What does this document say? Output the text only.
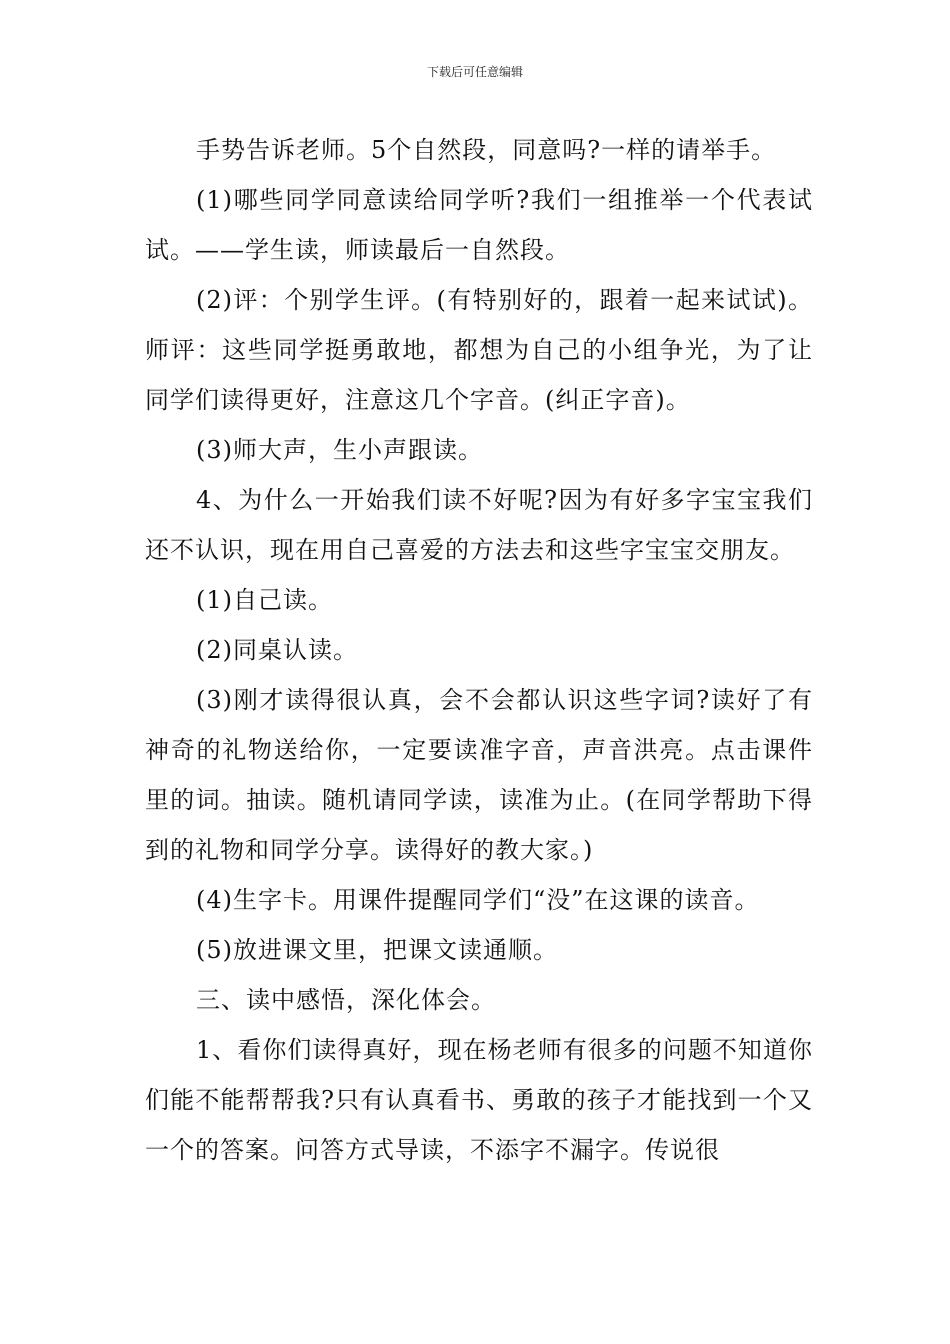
下载后可任意编辑

手势告诉老师。5个自然段，同意吗?一样的请举手。

(1)哪些同学同意读给同学听?我们一组推举一个代表试试。——学生读，师读最后一自然段。

(2)评：个别学生评。(有特别好的，跟着一起来试试)。师评：这些同学挺勇敢地，都想为自己的小组争光，为了让同学们读得更好，注意这几个字音。(纠正字音)。

(3)师大声，生小声跟读。

4、为什么一开始我们读不好呢?因为有好多字宝宝我们还不认识，现在用自己喜爱的方法去和这些字宝宝交朋友。

(1)自己读。

(2)同桌认读。

(3)刚才读得很认真，会不会都认识这些字词?读好了有神奇的礼物送给你，一定要读准字音，声音洪亮。点击课件里的词。抽读。随机请同学读，读准为止。(在同学帮助下得到的礼物和同学分享。读得好的教大家。)

(4)生字卡。用课件提醒同学们“没”在这课的读音。

(5)放进课文里，把课文读通顺。

三、读中感悟，深化体会。

1、看你们读得真好，现在杨老师有很多的问题不知道你们能不能帮帮我?只有认真看书、勇敢的孩子才能找到一个又一个的答案。问答方式导读，不添字不漏字。传说很
